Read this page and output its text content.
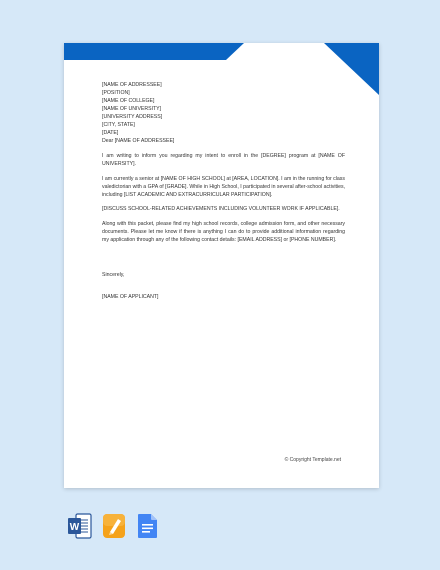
[NAME OF ADDRESSEE]
[POSITION]
[NAME OF COLLEGE]
[NAME OF UNIVERSITY]
[UNIVERSITY ADDRESS]
[CITY, STATE]

[DATE]

Dear [NAME OF ADDRESSEE]

I am writing to inform you regarding my intent to enroll in the [DEGREE] program at [NAME OF UNIVERSITY].

I am currently a senior at [NAME OF HIGH SCHOOL] at [AREA, LOCATION]. I am in the running for class valedictorian with a GPA of [GRADE]. While in High School, I participated in several after-school activities, including [LIST ACADEMIC AND EXTRACURRICULAR PARTICIPATION].

[DISCUSS SCHOOL-RELATED ACHIEVEMENTS INCLUDING VOLUNTEER WORK IF APPLICABLE].

Along with this packet, please find my high school records, college admission form, and other necessary documents. Please let me know if there is anything I can do to provide additional information regarding my application through any of the following contact details: [EMAIL ADDRESS] or [PHONE NUMBER].

Sincerely,

[NAME OF APPLICANT]

© Copyright Template.net
W
